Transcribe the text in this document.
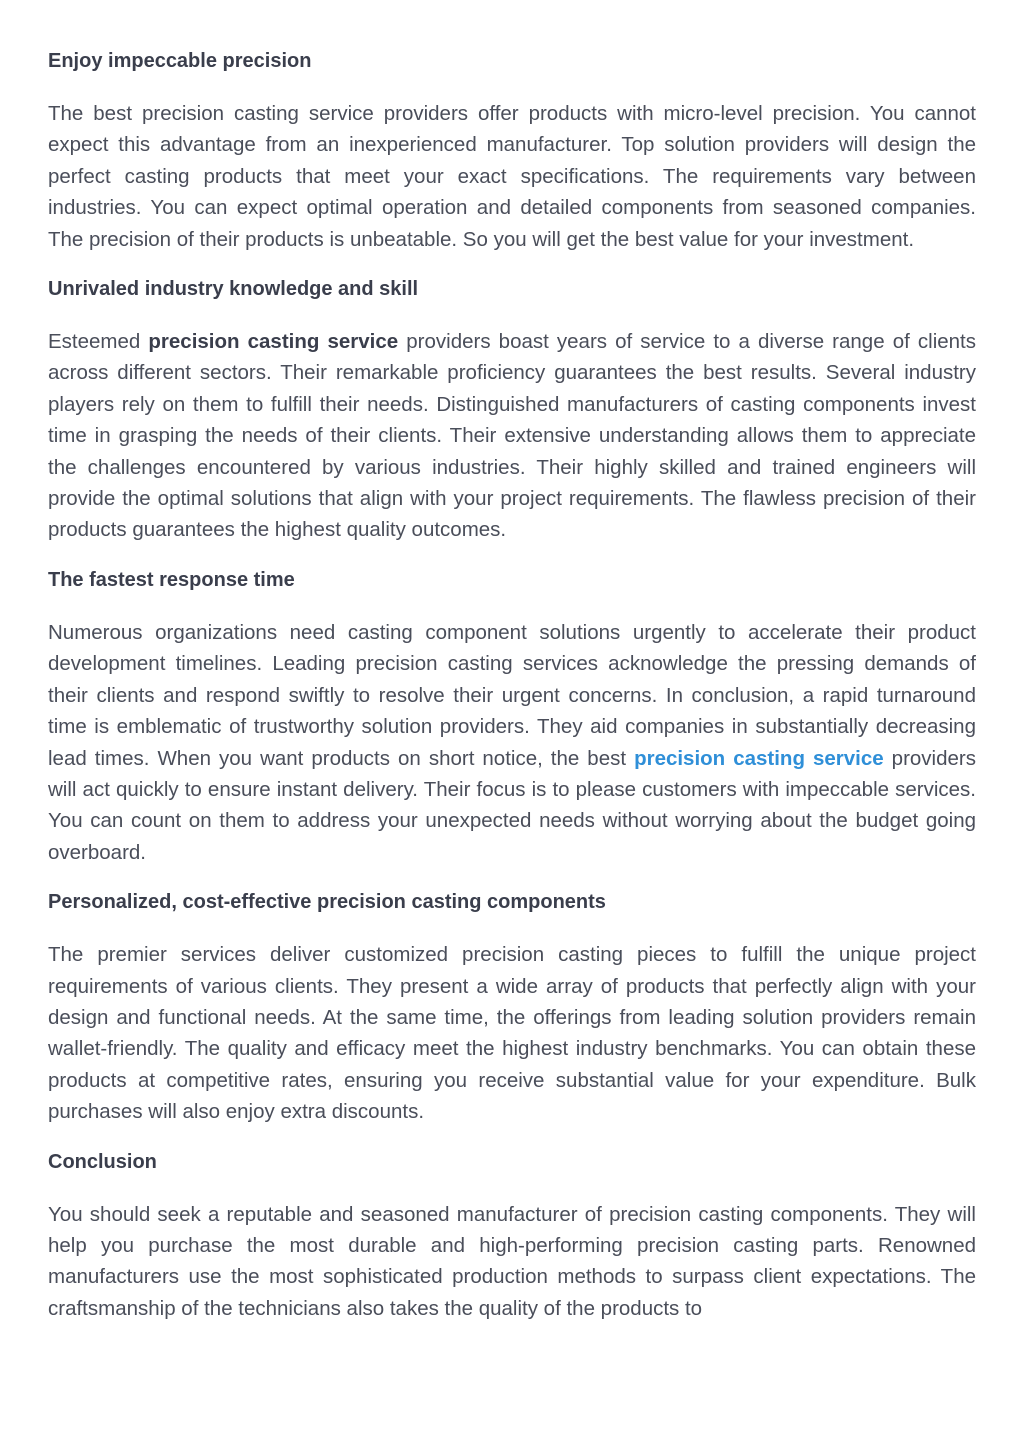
Enjoy impeccable precision

The best precision casting service providers offer products with micro-level precision. You cannot expect this advantage from an inexperienced manufacturer. Top solution providers will design the perfect casting products that meet your exact specifications. The requirements vary between industries. You can expect optimal operation and detailed components from seasoned companies. The precision of their products is unbeatable. So you will get the best value for your investment.

Unrivaled industry knowledge and skill

Esteemed precision casting service providers boast years of service to a diverse range of clients across different sectors. Their remarkable proficiency guarantees the best results. Several industry players rely on them to fulfill their needs. Distinguished manufacturers of casting components invest time in grasping the needs of their clients. Their extensive understanding allows them to appreciate the challenges encountered by various industries. Their highly skilled and trained engineers will provide the optimal solutions that align with your project requirements. The flawless precision of their products guarantees the highest quality outcomes.

The fastest response time

Numerous organizations need casting component solutions urgently to accelerate their product development timelines. Leading precision casting services acknowledge the pressing demands of their clients and respond swiftly to resolve their urgent concerns. In conclusion, a rapid turnaround time is emblematic of trustworthy solution providers. They aid companies in substantially decreasing lead times. When you want products on short notice, the best precision casting service providers will act quickly to ensure instant delivery. Their focus is to please customers with impeccable services. You can count on them to address your unexpected needs without worrying about the budget going overboard.

Personalized, cost-effective precision casting components

The premier services deliver customized precision casting pieces to fulfill the unique project requirements of various clients. They present a wide array of products that perfectly align with your design and functional needs. At the same time, the offerings from leading solution providers remain wallet-friendly. The quality and efficacy meet the highest industry benchmarks. You can obtain these products at competitive rates, ensuring you receive substantial value for your expenditure. Bulk purchases will also enjoy extra discounts.

Conclusion

You should seek a reputable and seasoned manufacturer of precision casting components. They will help you purchase the most durable and high-performing precision casting parts. Renowned manufacturers use the most sophisticated production methods to surpass client expectations. The craftsmanship of the technicians also takes the quality of the products to
